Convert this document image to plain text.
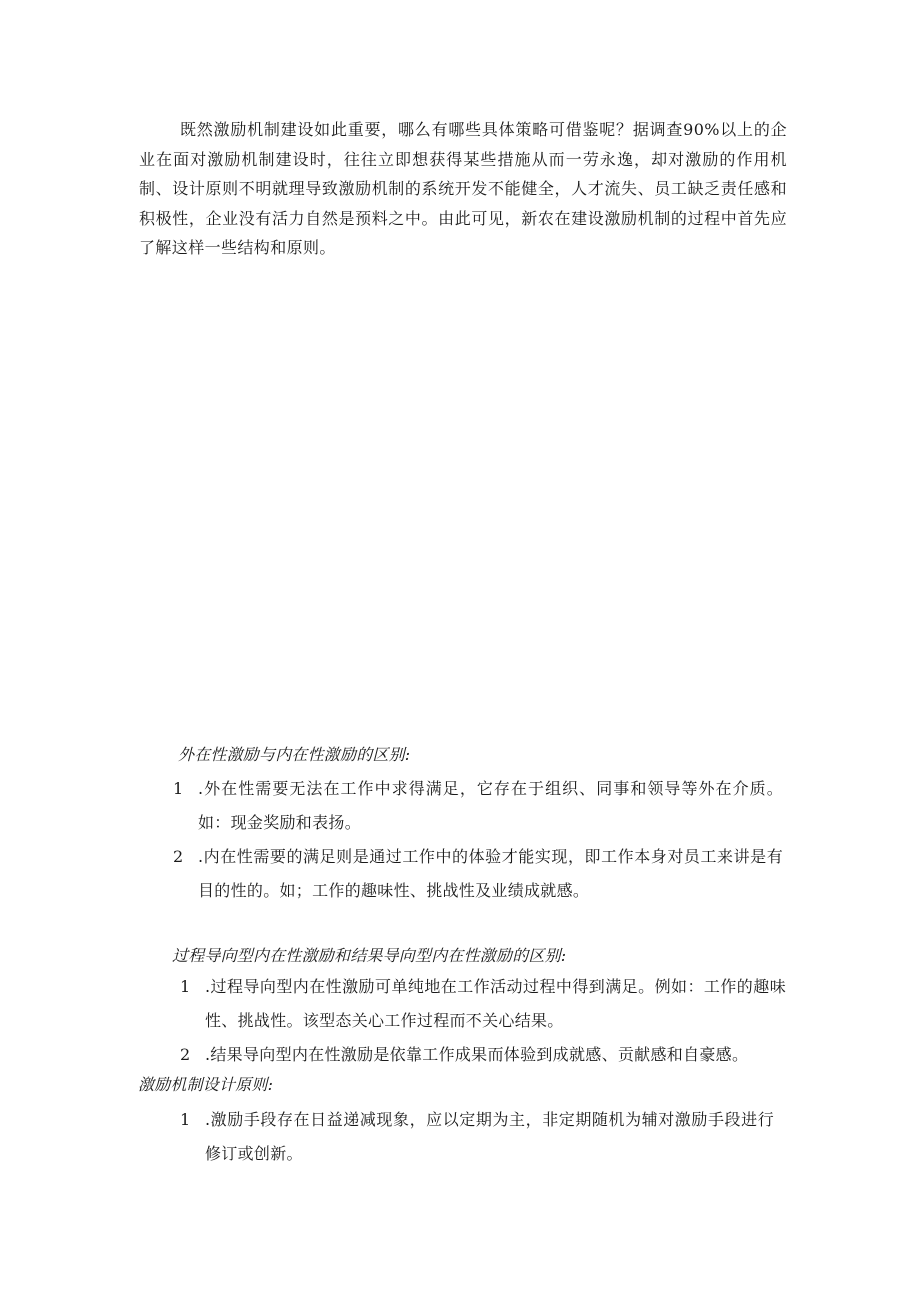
既然激励机制建设如此重要，哪么有哪些具体策略可借鉴呢？据调查90%以上的企业在面对激励机制建设时，往往立即想获得某些措施从而一劳永逸，却对激励的作用机制、设计原则不明就理导致激励机制的系统开发不能健全，人才流失、员工缺乏责任感和积极性，企业没有活力自然是预料之中。由此可见，新农在建设激励机制的过程中首先应了解这样一些结构和原则。

外在性激励与内在性激励的区别:

1 .外在性需要无法在工作中求得满足，它存在于组织、同事和领导等外在介质。如：现金奖励和表扬。
2 .内在性需要的满足则是通过工作中的体验才能实现，即工作本身对员工来讲是有目的性的。如；工作的趣味性、挑战性及业绩成就感。

过程导向型内在性激励和结果导向型内在性激励的区别:

1 .过程导向型内在性激励可单纯地在工作活动过程中得到满足。例如：工作的趣味性、挑战性。该型态关心工作过程而不关心结果。
2 .结果导向型内在性激励是依靠工作成果而体验到成就感、贡献感和自豪感。

激励机制设计原则:

1 .激励手段存在日益递减现象，应以定期为主，非定期随机为辅对激励手段进行修订或创新。
